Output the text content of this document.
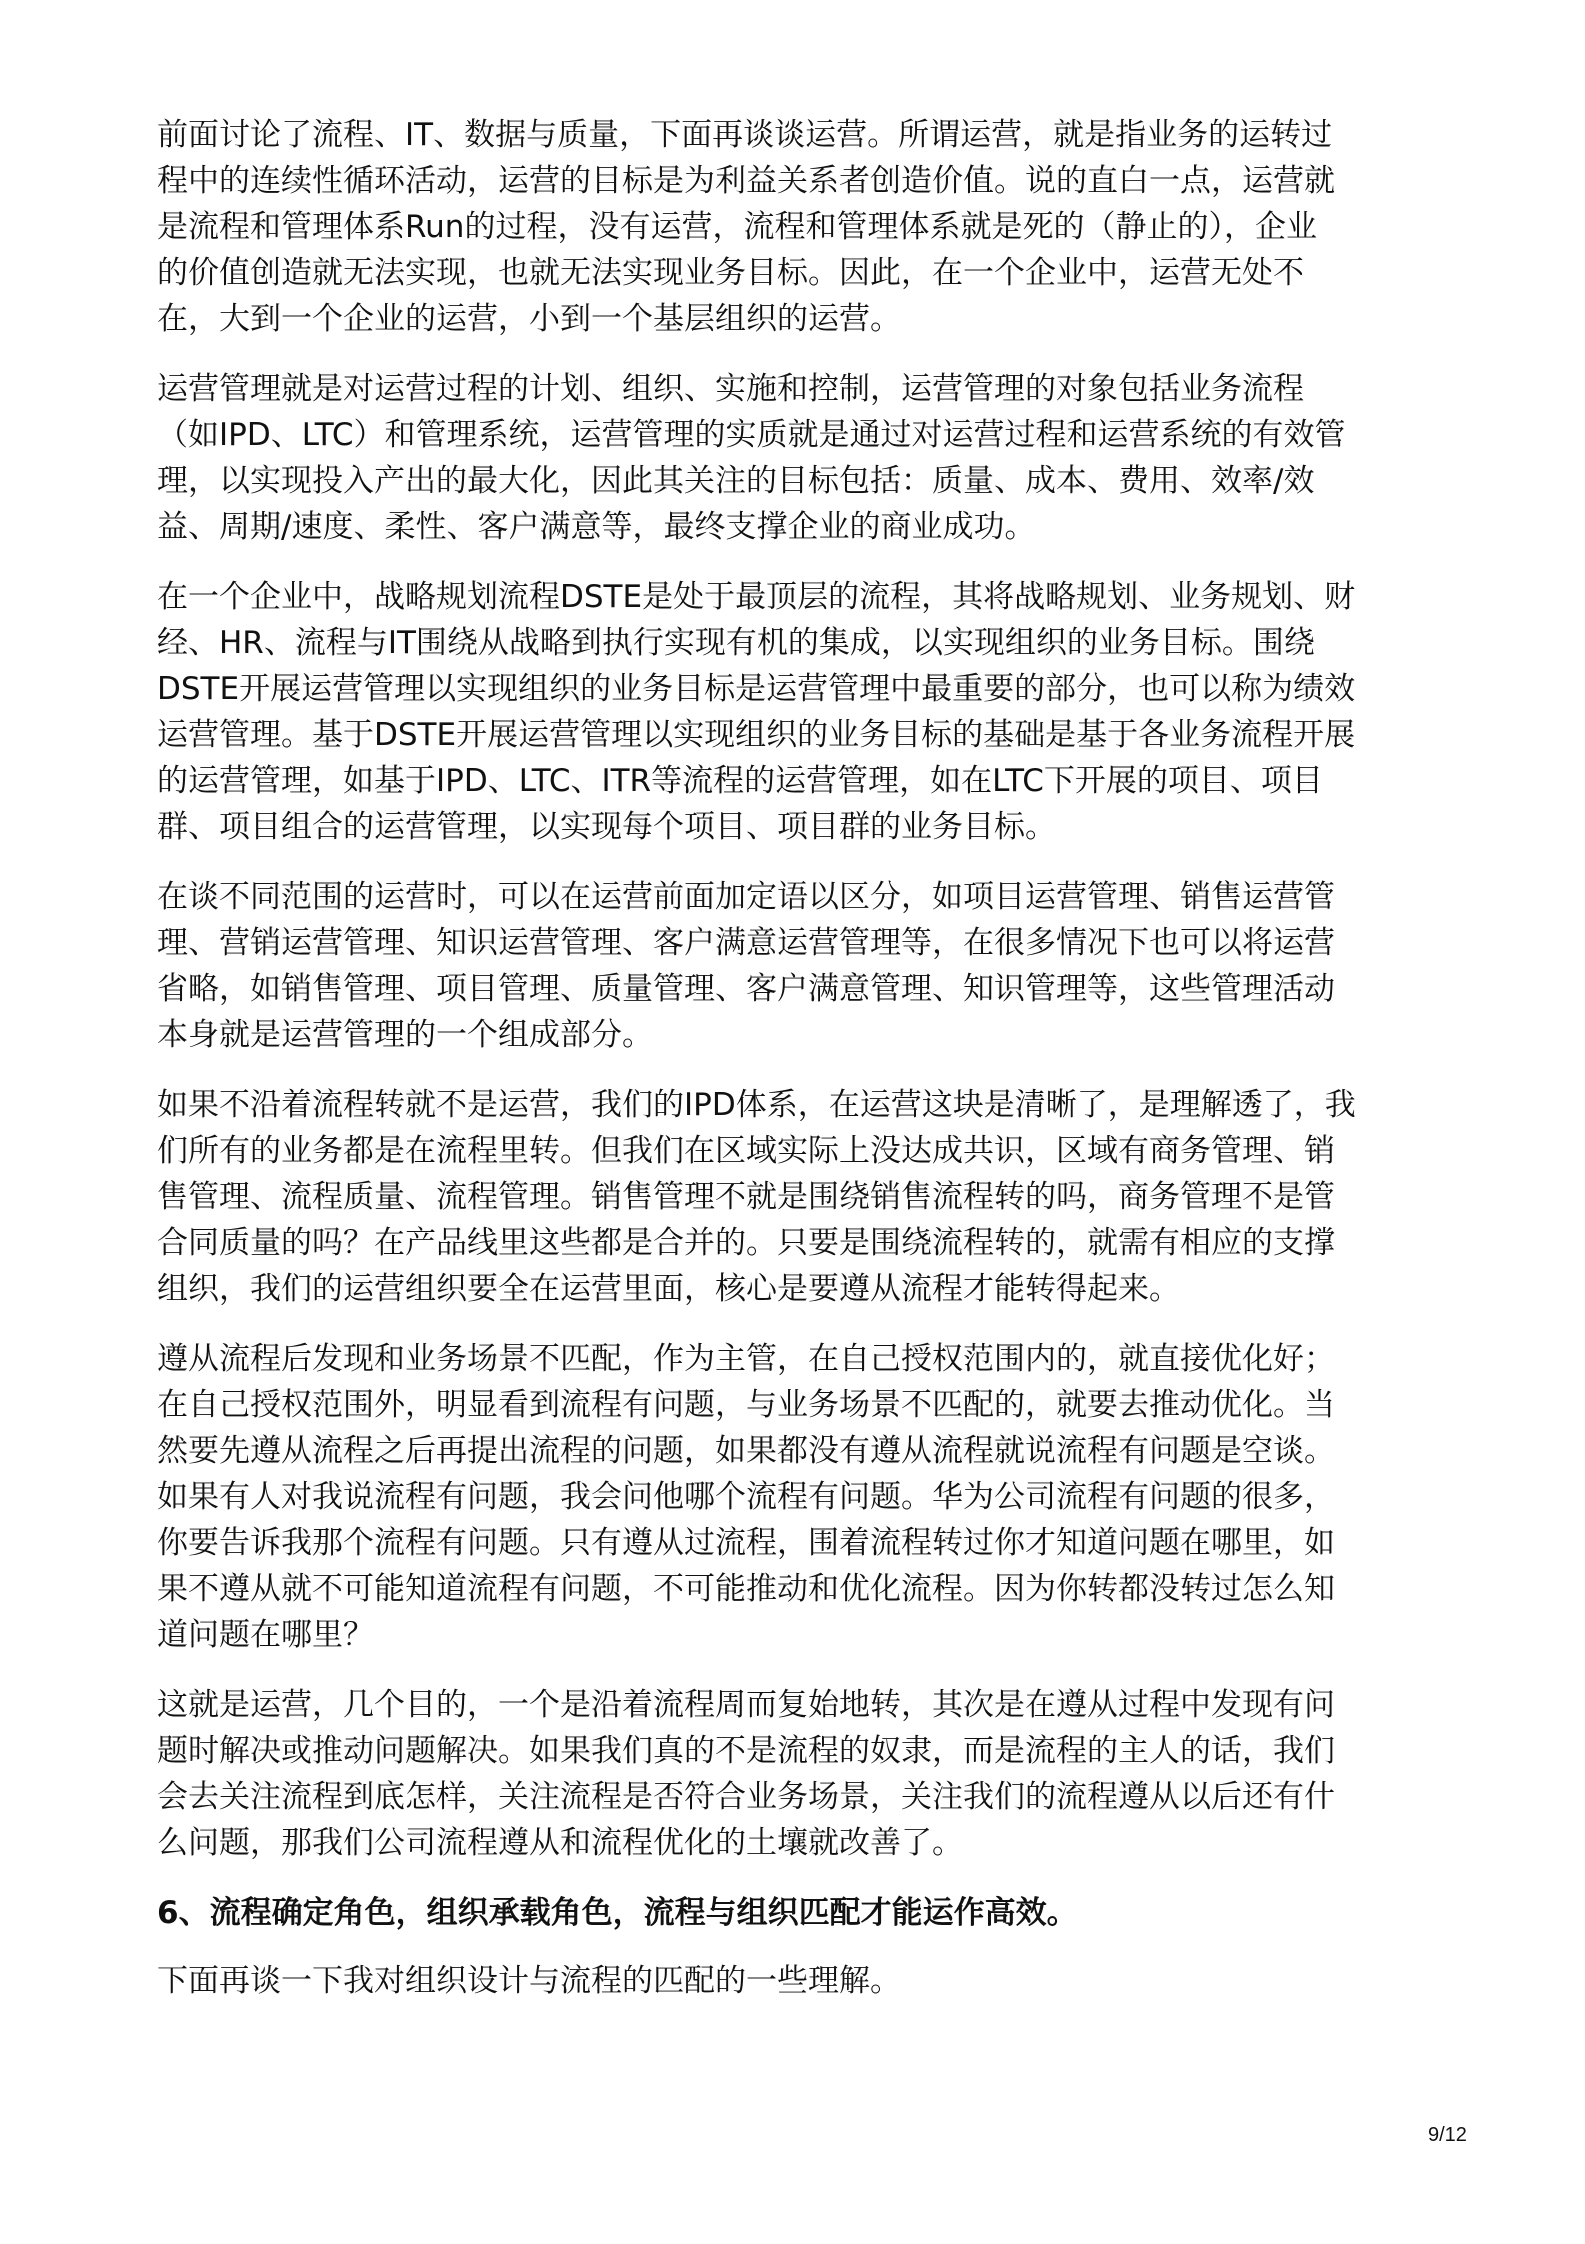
前面讨论了流程、IT、数据与质量，下面再谈谈运营。所谓运营，就是指业务的运转过
程中的连续性循环活动，运营的目标是为利益关系者创造价值。说的直白一点，运营就
是流程和管理体系Run的过程，没有运营，流程和管理体系就是死的（静止的），企业
的价值创造就无法实现，也就无法实现业务目标。因此，在一个企业中，运营无处不
在，大到一个企业的运营，小到一个基层组织的运营。
运营管理就是对运营过程的计划、组织、实施和控制，运营管理的对象包括业务流程
（如IPD、LTC）和管理系统，运营管理的实质就是通过对运营过程和运营系统的有效管
理，以实现投入产出的最大化，因此其关注的目标包括：质量、成本、费用、效率/效
益、周期/速度、柔性、客户满意等，最终支撑企业的商业成功。
在一个企业中，战略规划流程DSTE是处于最顶层的流程，其将战略规划、业务规划、财
经、HR、流程与IT围绕从战略到执行实现有机的集成，以实现组织的业务目标。围绕
DSTE开展运营管理以实现组织的业务目标是运营管理中最重要的部分，也可以称为绩效
运营管理。基于DSTE开展运营管理以实现组织的业务目标的基础是基于各业务流程开展
的运营管理，如基于IPD、LTC、ITR等流程的运营管理，如在LTC下开展的项目、项目
群、项目组合的运营管理，以实现每个项目、项目群的业务目标。
在谈不同范围的运营时，可以在运营前面加定语以区分，如项目运营管理、销售运营管
理、营销运营管理、知识运营管理、客户满意运营管理等，在很多情况下也可以将运营
省略，如销售管理、项目管理、质量管理、客户满意管理、知识管理等，这些管理活动
本身就是运营管理的一个组成部分。
如果不沿着流程转就不是运营，我们的IPD体系，在运营这块是清晰了，是理解透了，我
们所有的业务都是在流程里转。但我们在区域实际上没达成共识，区域有商务管理、销
售管理、流程质量、流程管理。销售管理不就是围绕销售流程转的吗，商务管理不是管
合同质量的吗？在产品线里这些都是合并的。只要是围绕流程转的，就需有相应的支撑
组织，我们的运营组织要全在运营里面，核心是要遵从流程才能转得起来。
遵从流程后发现和业务场景不匹配，作为主管，在自己授权范围内的，就直接优化好；
在自己授权范围外，明显看到流程有问题，与业务场景不匹配的，就要去推动优化。当
然要先遵从流程之后再提出流程的问题，如果都没有遵从流程就说流程有问题是空谈。
如果有人对我说流程有问题，我会问他哪个流程有问题。华为公司流程有问题的很多，
你要告诉我那个流程有问题。只有遵从过流程，围着流程转过你才知道问题在哪里，如
果不遵从就不可能知道流程有问题，不可能推动和优化流程。因为你转都没转过怎么知
道问题在哪里？
这就是运营，几个目的，一个是沿着流程周而复始地转，其次是在遵从过程中发现有问
题时解决或推动问题解决。如果我们真的不是流程的奴隶，而是流程的主人的话，我们
会去关注流程到底怎样，关注流程是否符合业务场景，关注我们的流程遵从以后还有什
么问题，那我们公司流程遵从和流程优化的土壤就改善了。
6、流程确定角色，组织承载角色，流程与组织匹配才能运作高效。
下面再谈一下我对组织设计与流程的匹配的一些理解。
9/12
